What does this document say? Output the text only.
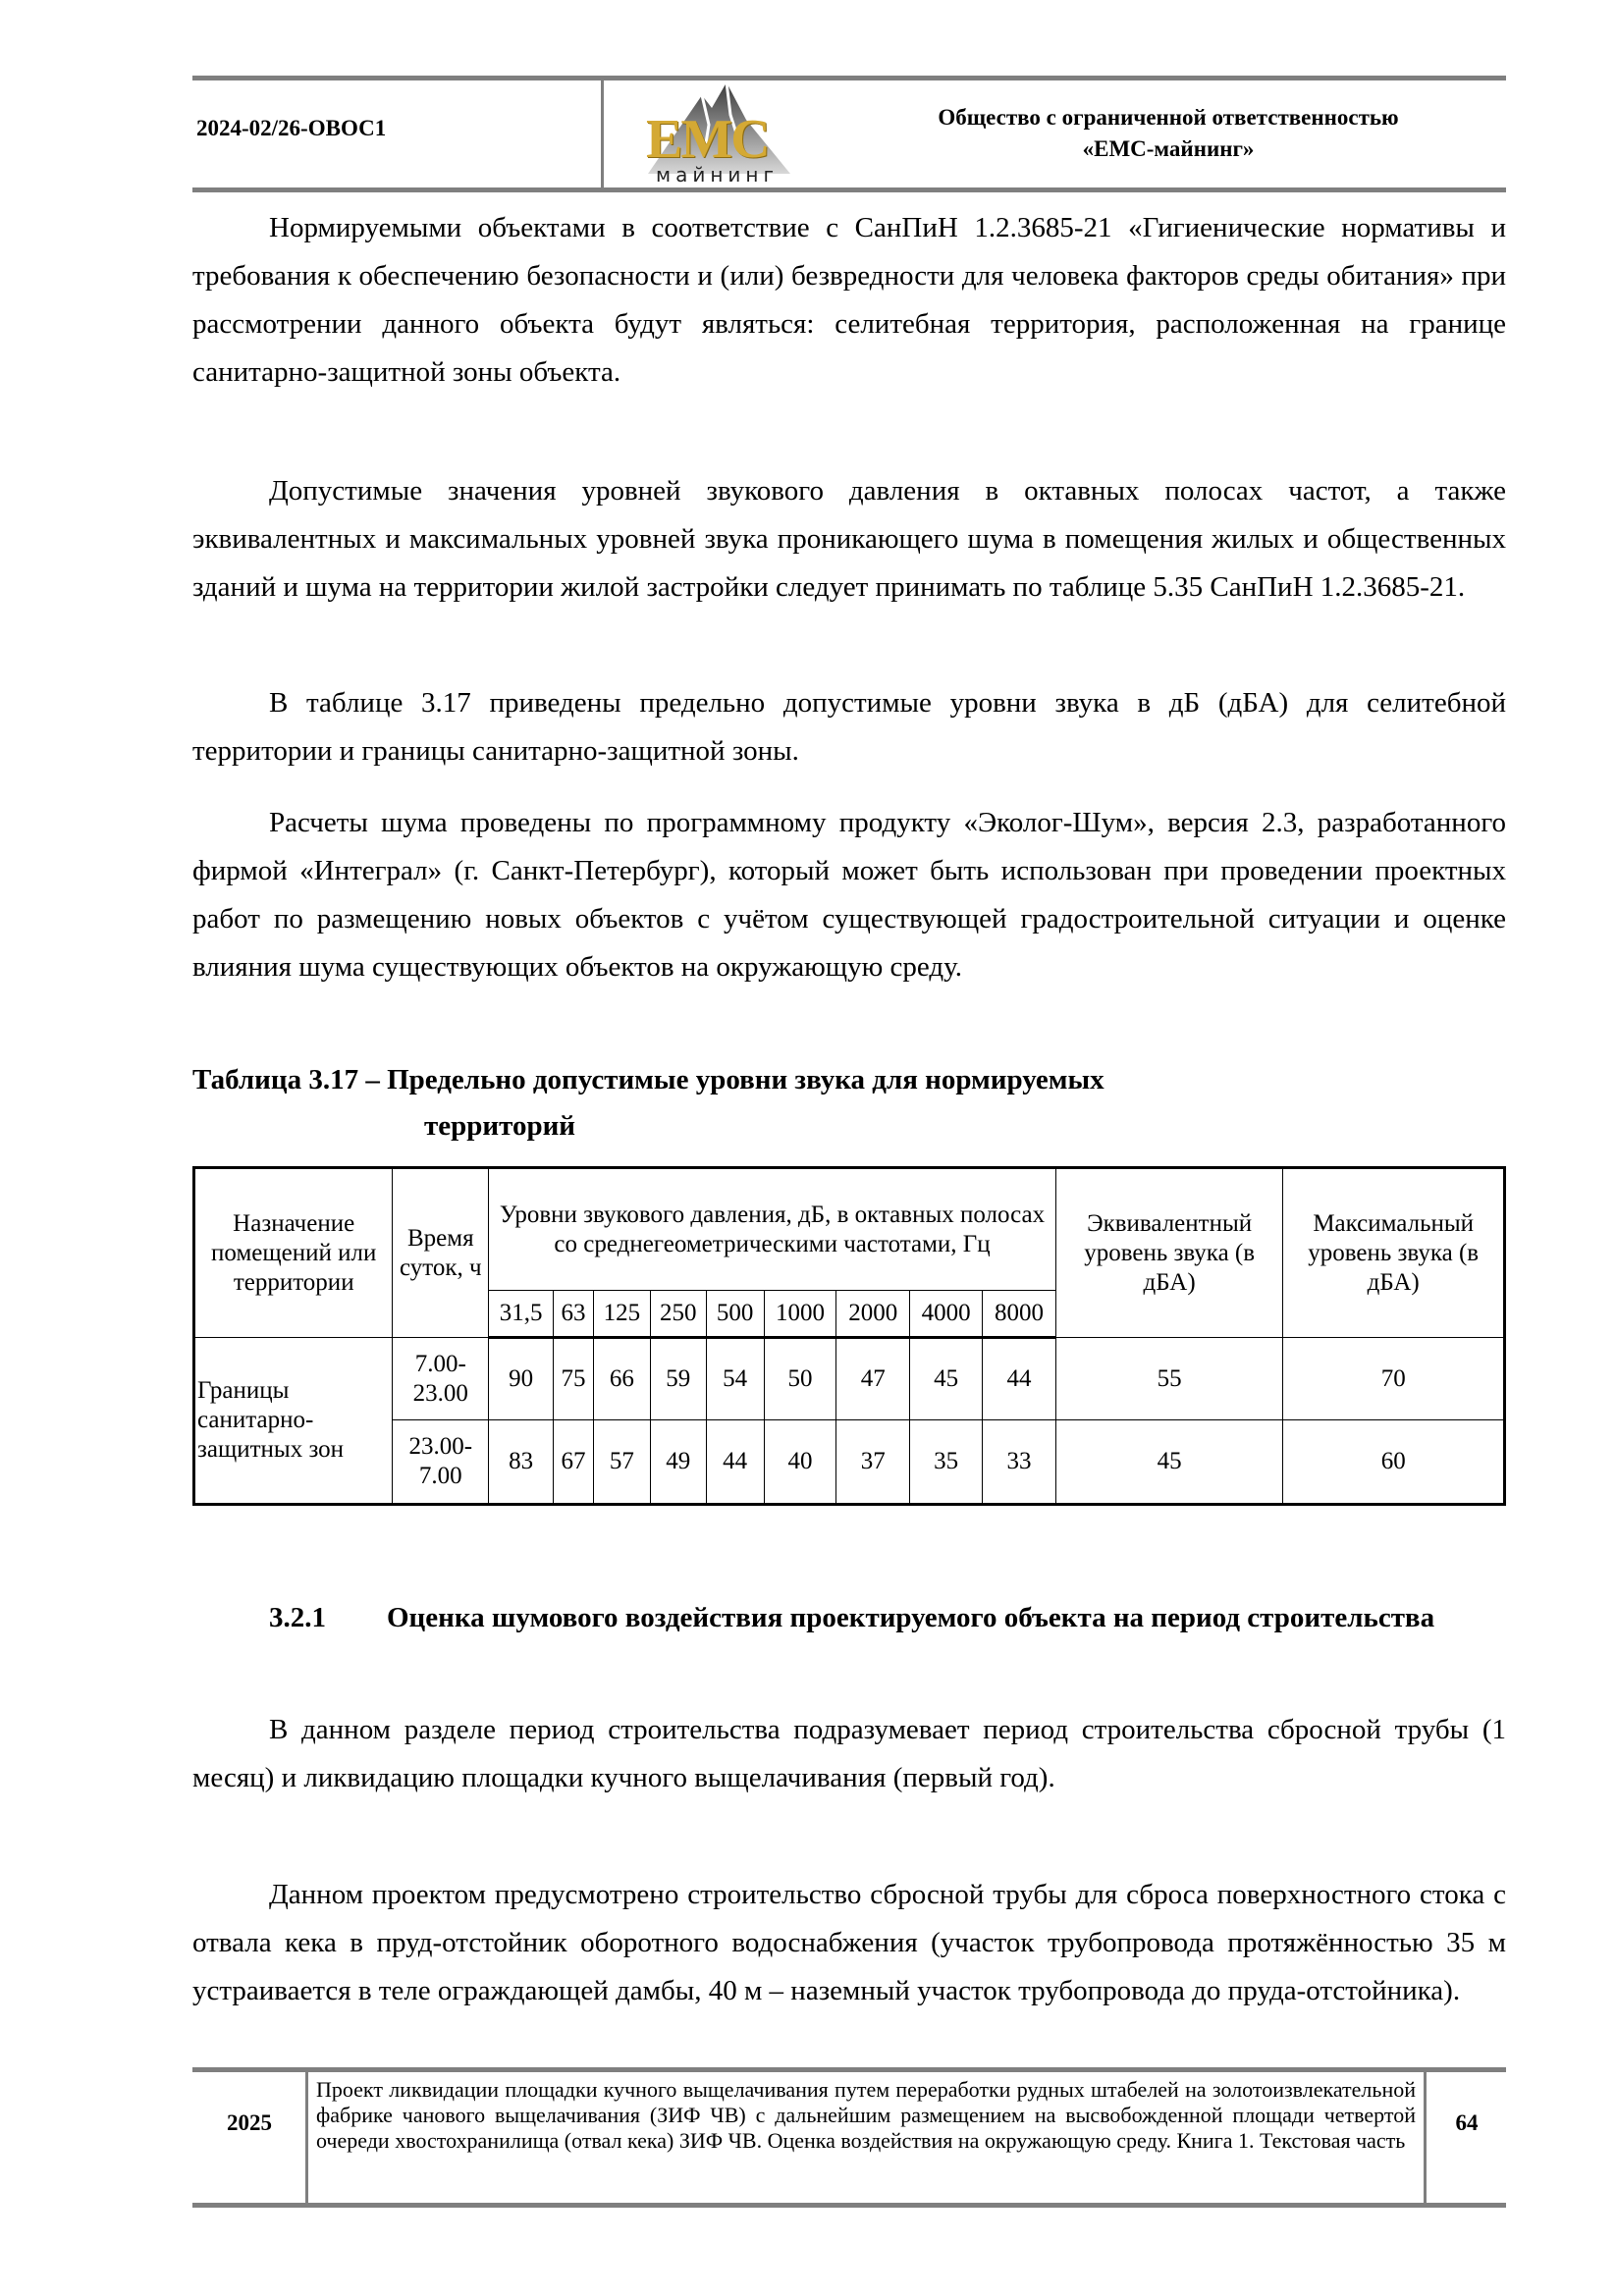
2024-02/26-ОВОС1	EMC
майнинг
Общество с ограниченной ответственностью
«ЕМС-майнинг»
Нормируемыми объектами в соответствие с СанПиН 1.2.3685-21 «Гигиенические нормативы и требования к обеспечению безопасности и (или) безвредности для человека факторов среды обитания» при рассмотрении данного объекта будут являться: селитебная территория, расположенная на границе санитарно-защитной зоны объекта.
Допустимые значения уровней звукового давления в октавных полосах частот, а также эквивалентных и максимальных уровней звука проникающего шума в помещения жилых и общественных зданий и шума на территории жилой застройки следует принимать по таблице 5.35 СанПиН 1.2.3685-21.
В таблице 3.17 приведены предельно допустимые уровни звука в дБ (дБА) для селитебной территории и границы санитарно-защитной зоны.
Расчеты шума проведены по программному продукту «Эколог-Шум», версия 2.3, разработанного фирмой «Интеграл» (г. Санкт-Петербург), который может быть использован при проведении проектных работ по размещению новых объектов с учётом существующей градостроительной ситуации и оценке влияния шума существующих объектов на окружающую среду.
Таблица 3.17 – Предельно допустимые уровни звука для нормируемых
территорий
Назначение помещений или территории	Время суток, ч	Уровни звукового давления, дБ, в октавных полосах со среднегеометрическими частотами, Гц									Эквивалентный уровень звука (в дБА)	Максимальный уровень звука (в дБА)
		31,5	63	125	250	500	1000	2000	4000	8000		
Границы санитарно-защитных зон	7.00-23.00	90	75	66	59	54	50	47	45	44	55	70
	23.00-7.00	83	67	57	49	44	40	37	35	33	45	60
3.2.1	Оценка шумового воздействия проектируемого объекта на период строительства
В данном разделе период строительства подразумевает период строительства сбросной трубы (1 месяц) и ликвидацию площадки кучного выщелачивания (первый год).
Данном проектом предусмотрено строительство сбросной трубы для сброса поверхностного стока с отвала кека в пруд-отстойник оборотного водоснабжения (участок трубопровода протяжённостью 35 м устраивается в теле ограждающей дамбы, 40 м – наземный участок трубопровода до пруда-отстойника).
2025
Проект ликвидации площадки кучного выщелачивания путем переработки рудных штабелей на золотоизвлекательной фабрике чанового выщелачивания (ЗИФ ЧВ) с дальнейшим размещением на высвобожденной площади четвертой очереди хвостохранилища (отвал кека) ЗИФ ЧВ. Оценка воздействия на окружающую среду. Книга 1. Текстовая часть
64
